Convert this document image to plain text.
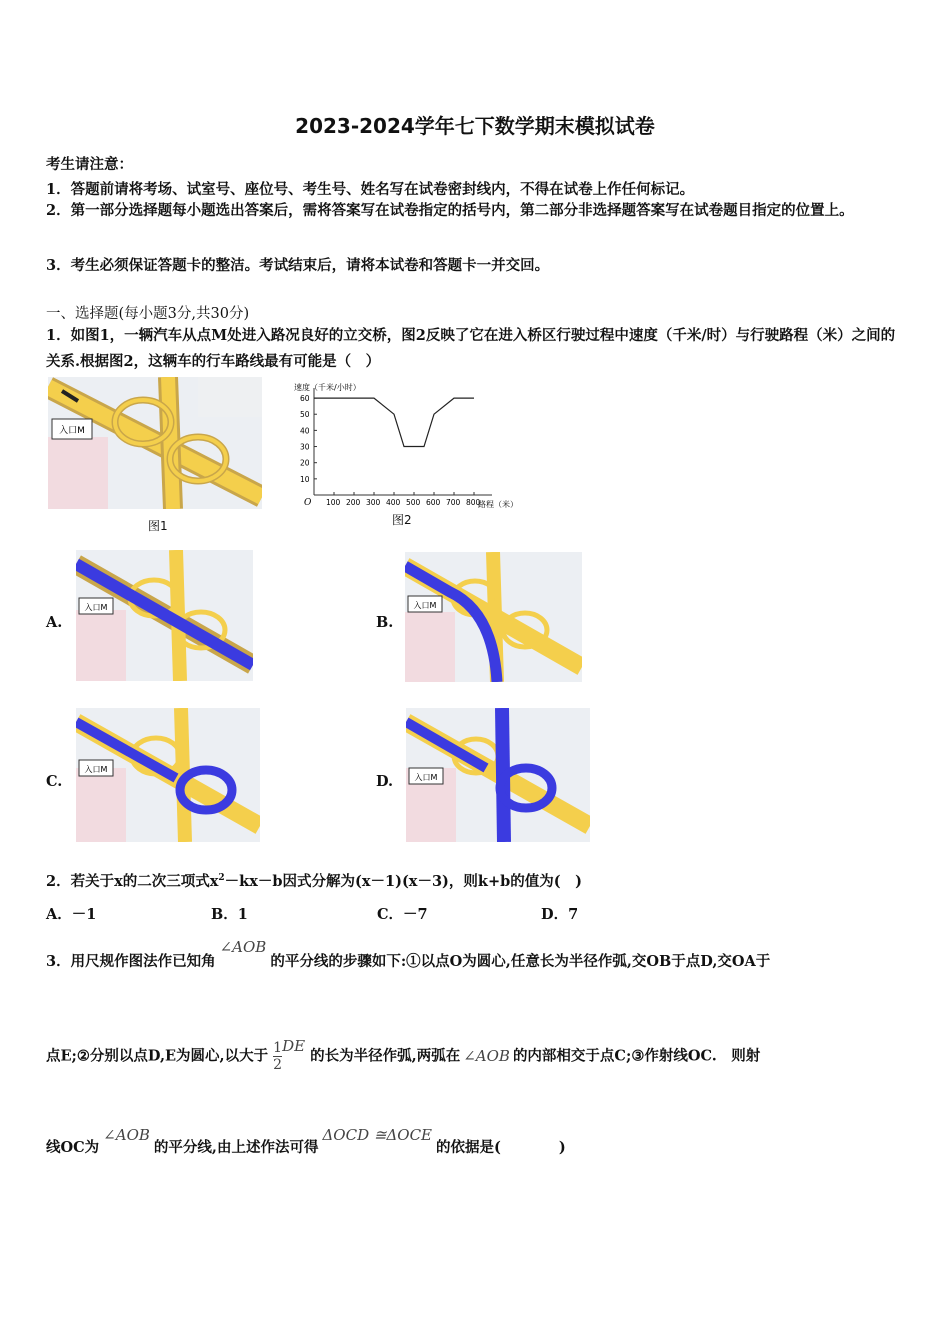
2023-2024学年七下数学期末模拟试卷
考生请注意：
1．答题前请将考场、试室号、座位号、考生号、姓名写在试卷密封线内，不得在试卷上作任何标记。
2．第一部分选择题每小题选出答案后，需将答案写在试卷指定的括号内，第二部分非选择题答案写在试卷题目指定的位置上。
3．考生必须保证答题卡的整洁。考试结束后，请将本试卷和答题卡一并交回。
一、选择题(每小题3分,共30分)
1．如图1，一辆汽车从点M处进入路况良好的立交桥，图2反映了它在进入桥区行驶过程中速度（千米/时）与行驶路程（米）之间的关系.根据图2，这辆车的行车路线最有可能是（　）
入口M
图1
速度（千米/小时）
路程（米）
O
10
20
30
40
50
60
100 200 300 400 500 600 700 800
图2
A.
入口M
B.
入口M
C.
入口M
D.	入口M
2．若关于x的二次三项式$x^2-kx-b$因式分解为(x－1)(x－3)，则k+b的值为(　)
A．－1	B．1	C．－7	D．7
3．用尺规作图法作已知角∠AOB的平分线的步骤如下:①以点O为圆心,任意长为半径作弧,交OB于点D,交OA于
点E;②分别以点D,E为圆心,以大于 $\frac{1}{2}$ DE 的长为半径作弧,两弧在 ∠AOB 的内部相交于点C;③作射线OC.　则射
线OC为∠AOB的平分线,由上述作法可得ΔOCD ≅ΔOCE的依据是(　　　　)
